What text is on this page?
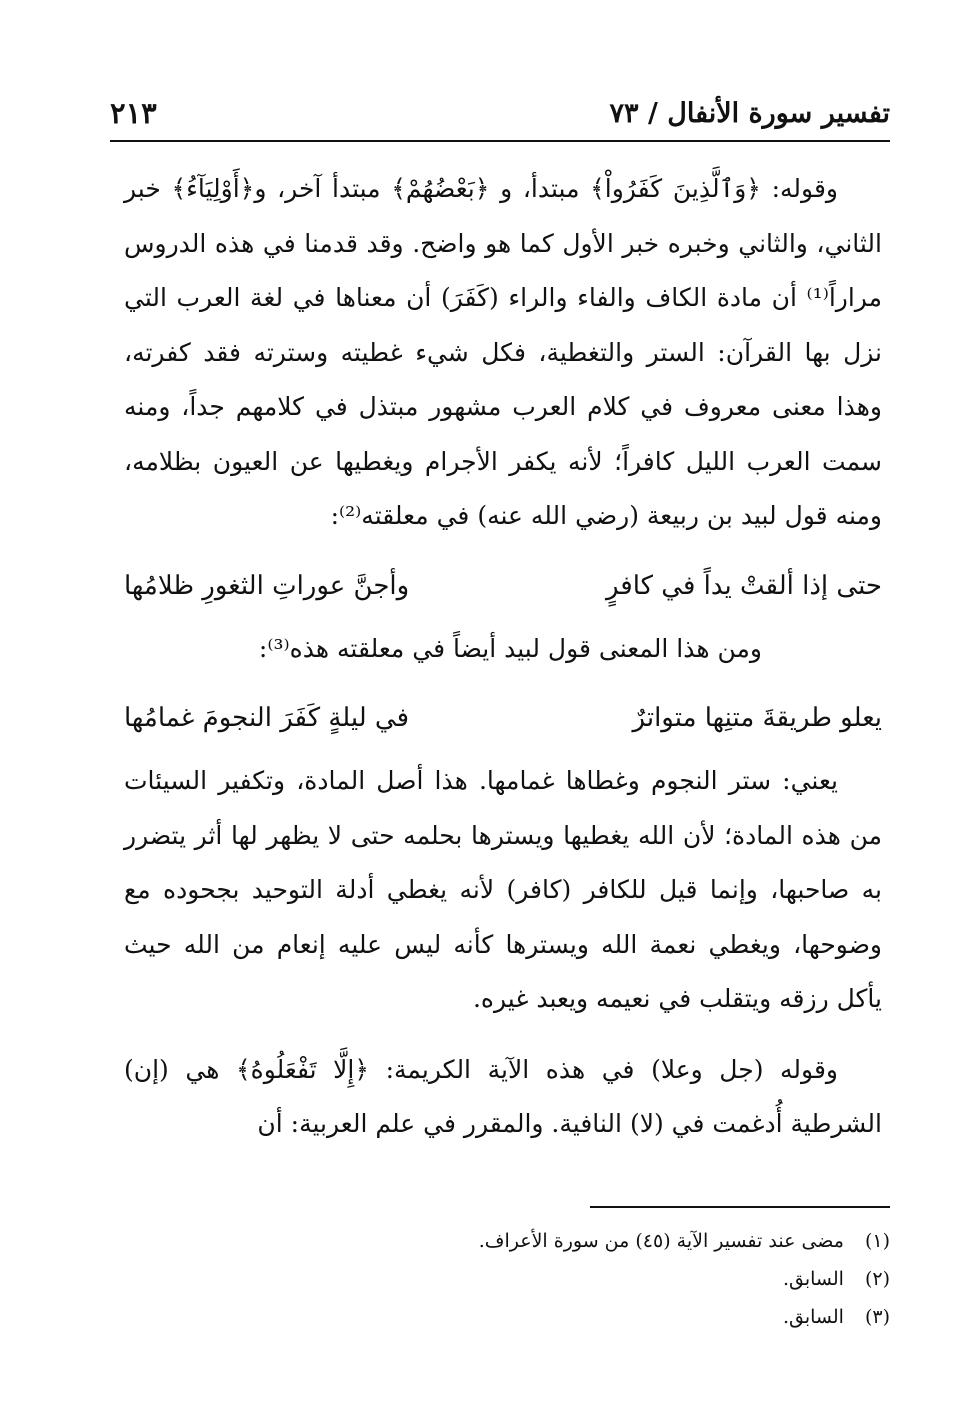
تفسير سورة الأنفال / ٧٣
٢١٣

وقوله: ﴿وَٱلَّذِينَ كَفَرُواْ﴾ مبتدأ، و ﴿بَعْضُهُمْ﴾ مبتدأ آخر، و﴿أَوْلِيَآءُ﴾ خبر الثاني، والثاني وخبره خبر الأول كما هو واضح. وقد قدمنا في هذه الدروس مراراً⁽¹⁾ أن مادة الكاف والفاء والراء (كَفَرَ) أن معناها في لغة العرب التي نزل بها القرآن: الستر والتغطية، فكل شيء غطيته وسترته فقد كفرته، وهذا معنى معروف في كلام العرب مشهور مبتذل في كلامهم جداً، ومنه سمت العرب الليل كافراً؛ لأنه يكفر الأجرام ويغطيها عن العيون بظلامه، ومنه قول لبيد بن ربيعة (رضي الله عنه) في معلقته⁽²⁾:

حتى إذا ألقتْ يداً في كافرٍ
وأجنَّ عوراتِ الثغورِ ظلامُها

ومن هذا المعنى قول لبيد أيضاً في معلقته هذه⁽³⁾:

يعلو طريقةَ متنِها متواترٌ
في ليلةٍ كَفَرَ النجومَ غمامُها

يعني: ستر النجوم وغطاها غمامها. هذا أصل المادة، وتكفير السيئات من هذه المادة؛ لأن الله يغطيها ويسترها بحلمه حتى لا يظهر لها أثر يتضرر به صاحبها، وإنما قيل للكافر (كافر) لأنه يغطي أدلة التوحيد بجحوده مع وضوحها، ويغطي نعمة الله ويسترها كأنه ليس عليه إنعام من الله حيث يأكل رزقه ويتقلب في نعيمه ويعبد غيره.

وقوله (جل وعلا) في هذه الآية الكريمة: ﴿إِلَّا تَفْعَلُوهُ﴾ هي (إن) الشرطية أُدغمت في (لا) النافية. والمقرر في علم العربية: أن

(١) مضى عند تفسير الآية (٤٥) من سورة الأعراف.

(٢) السابق.

(٣) السابق.
